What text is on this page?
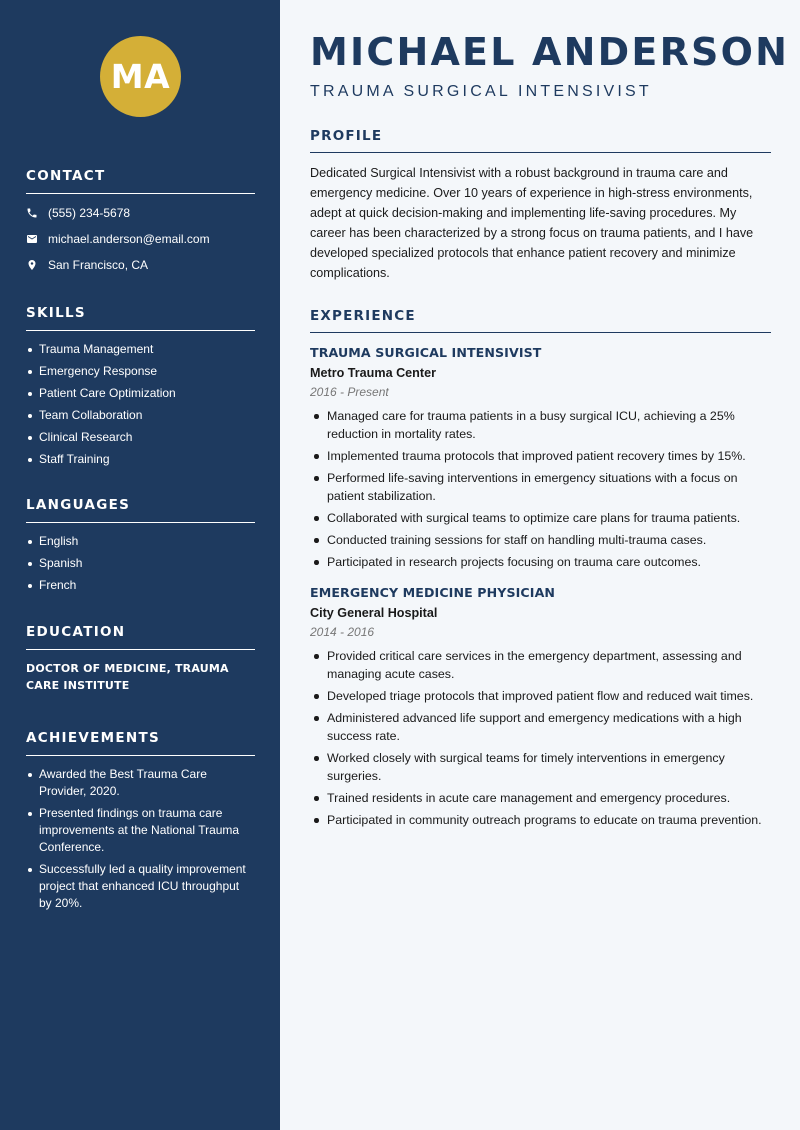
MA
CONTACT
(555) 234-5678
michael.anderson@email.com
San Francisco, CA
SKILLS
Trauma Management
Emergency Response
Patient Care Optimization
Team Collaboration
Clinical Research
Staff Training
LANGUAGES
English
Spanish
French
EDUCATION
DOCTOR OF MEDICINE, TRAUMA CARE INSTITUTE
ACHIEVEMENTS
Awarded the Best Trauma Care Provider, 2020.
Presented findings on trauma care improvements at the National Trauma Conference.
Successfully led a quality improvement project that enhanced ICU throughput by 20%.
MICHAEL ANDERSON
TRAUMA SURGICAL INTENSIVIST
PROFILE

Dedicated Surgical Intensivist with a robust background in trauma care and emergency medicine. Over 10 years of experience in high-stress environments, adept at quick decision-making and implementing life-saving procedures. My career has been characterized by a strong focus on trauma patients, and I have developed specialized protocols that enhance patient recovery and minimize complications.

EXPERIENCE
TRAUMA SURGICAL INTENSIVIST
Metro Trauma Center
2016 - Present
Managed care for trauma patients in a busy surgical ICU, achieving a 25% reduction in mortality rates.
Implemented trauma protocols that improved patient recovery times by 15%.
Performed life-saving interventions in emergency situations with a focus on patient stabilization.
Collaborated with surgical teams to optimize care plans for trauma patients.
Conducted training sessions for staff on handling multi-trauma cases.
Participated in research projects focusing on trauma care outcomes.
EMERGENCY MEDICINE PHYSICIAN
City General Hospital
2014 - 2016
Provided critical care services in the emergency department, assessing and managing acute cases.
Developed triage protocols that improved patient flow and reduced wait times.
Administered advanced life support and emergency medications with a high success rate.
Worked closely with surgical teams for timely interventions in emergency surgeries.
Trained residents in acute care management and emergency procedures.
Participated in community outreach programs to educate on trauma prevention.
